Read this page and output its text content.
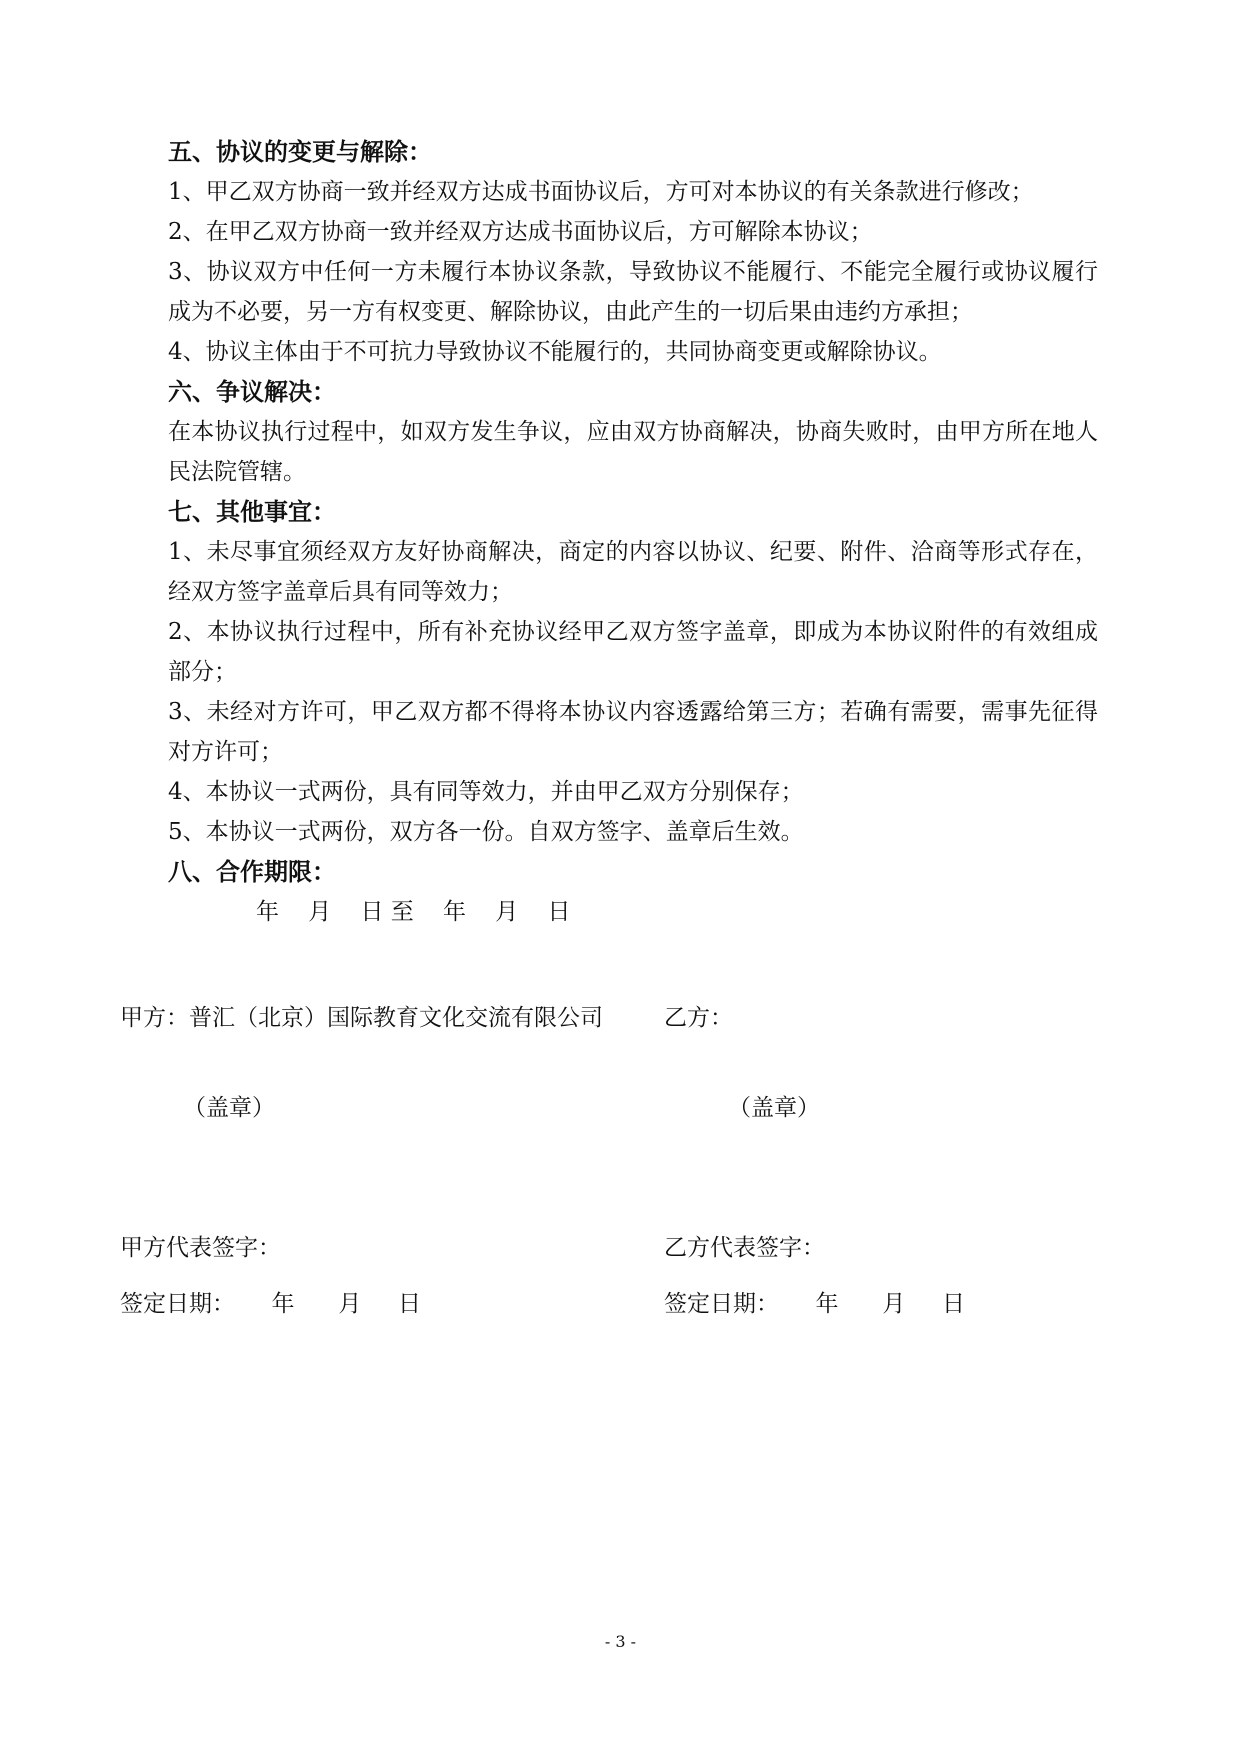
五、协议的变更与解除：

1、甲乙双方协商一致并经双方达成书面协议后，方可对本协议的有关条款进行修改；

2、在甲乙双方协商一致并经双方达成书面协议后，方可解除本协议；

3、协议双方中任何一方未履行本协议条款，导致协议不能履行、不能完全履行或协议履行成为不必要，另一方有权变更、解除协议，由此产生的一切后果由违约方承担；

4、协议主体由于不可抗力导致协议不能履行的，共同协商变更或解除协议。

六、争议解决：

在本协议执行过程中，如双方发生争议，应由双方协商解决，协商失败时，由甲方所在地人民法院管辖。

七、其他事宜：

1、未尽事宜须经双方友好协商解决，商定的内容以协议、纪要、附件、洽商等形式存在，经双方签字盖章后具有同等效力；

2、本协议执行过程中，所有补充协议经甲乙双方签字盖章，即成为本协议附件的有效组成部分；

3、未经对方许可，甲乙双方都不得将本协议内容透露给第三方；若确有需要，需事先征得对方许可；

4、本协议一式两份，具有同等效力，并由甲乙双方分别保存；

5、本协议一式两份，双方各一份。自双方签字、盖章后生效。

八、合作期限：

年    月    日 至    年    月    日

甲方：普汇（北京）国际教育文化交流有限公司	乙方：
（盖章）	（盖章）
甲方代表签字：	乙方代表签字：
签定日期：     年      月     日	签定日期：     年      月     日
- 3 -
